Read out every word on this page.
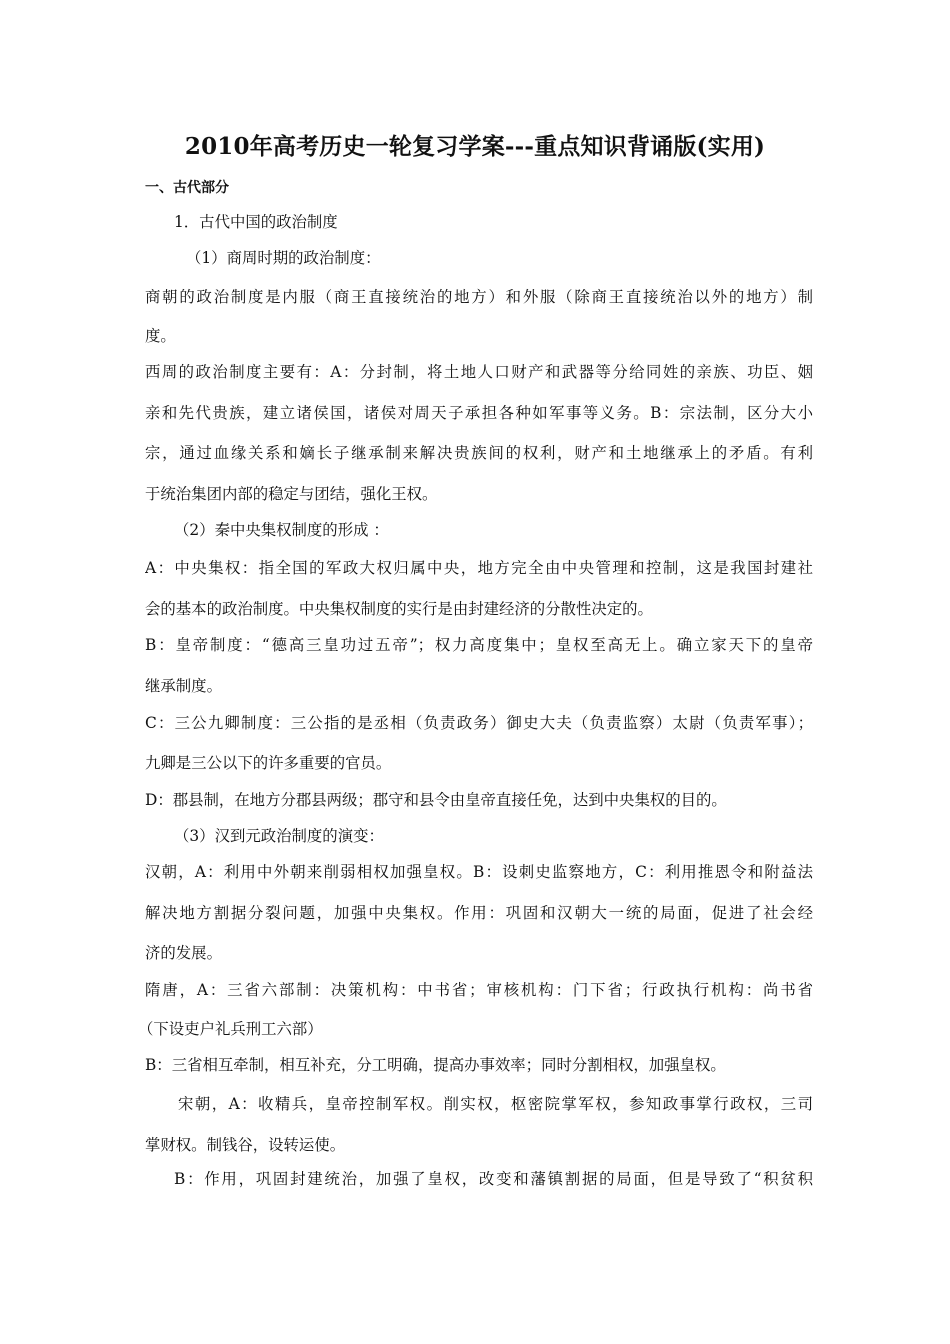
2010年高考历史一轮复习学案---重点知识背诵版(实用)
一、古代部分
1．古代中国的政治制度
（1）商周时期的政治制度：
商朝的政治制度是内服（商王直接统治的地方）和外服（除商王直接统治以外的地方）制
度。
西周的政治制度主要有：A：分封制，将土地人口财产和武器等分给同姓的亲族、功臣、姻
亲和先代贵族，建立诸侯国，诸侯对周天子承担各种如军事等义务。B：宗法制，区分大小
宗，通过血缘关系和嫡长子继承制来解决贵族间的权利，财产和土地继承上的矛盾。有利
于统治集团内部的稳定与团结，强化王权。
（2）秦中央集权制度的形成 ：
A：中央集权：指全国的军政大权归属中央，地方完全由中央管理和控制，这是我国封建社
会的基本的政治制度。中央集权制度的实行是由封建经济的分散性决定的。
B：皇帝制度：“德高三皇功过五帝”；权力高度集中；皇权至高无上。确立家天下的皇帝
继承制度。
C：三公九卿制度：三公指的是丞相（负责政务）御史大夫（负责监察）太尉（负责军事）；
九卿是三公以下的许多重要的官员。
D：郡县制，在地方分郡县两级；郡守和县令由皇帝直接任免，达到中央集权的目的。
（3）汉到元政治制度的演变：
汉朝，A：利用中外朝来削弱相权加强皇权。B：设刺史监察地方，C：利用推恩令和附益法
解决地方割据分裂问题，加强中央集权。作用：巩固和汉朝大一统的局面，促进了社会经
济的发展。
隋唐，A：三省六部制：决策机构：中书省；审核机构：门下省；行政执行机构：尚书省
（下设吏户礼兵刑工六部）
B：三省相互牵制，相互补充，分工明确，提高办事效率；同时分割相权，加强皇权。
宋朝，A：收精兵，皇帝控制军权。削实权，枢密院掌军权，参知政事掌行政权，三司
掌财权。制钱谷，设转运使。
B：作用，巩固封建统治，加强了皇权，改变和藩镇割据的局面，但是导致了“积贫积
